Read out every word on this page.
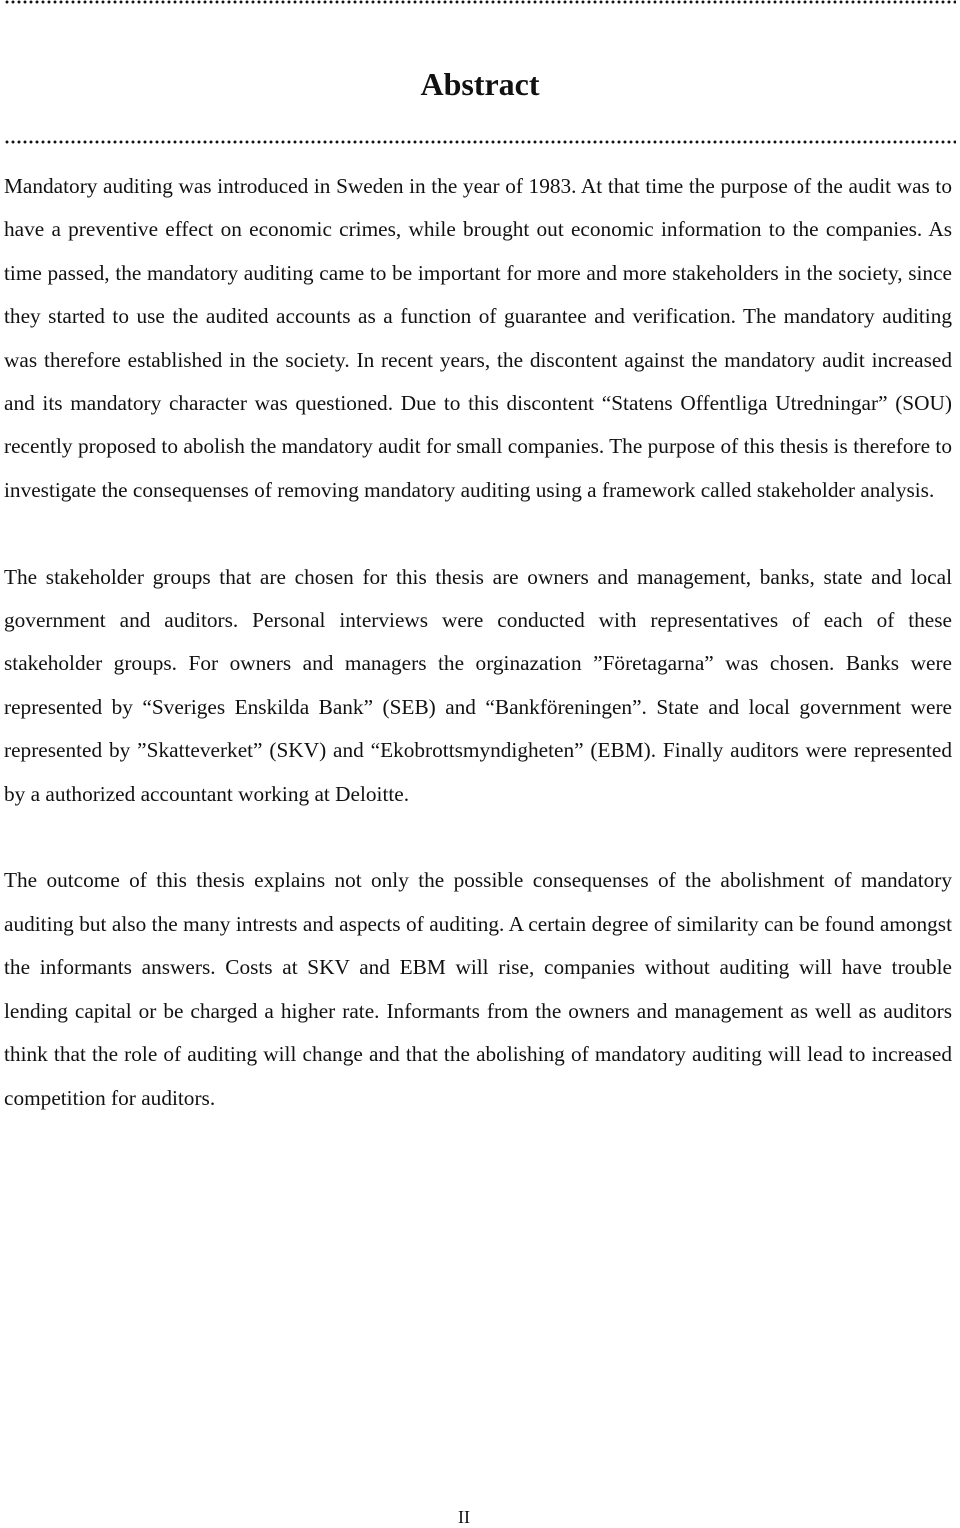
Abstract

Mandatory auditing was introduced in Sweden in the year of 1983. At that time the purpose of the audit was to have a preventive effect on economic crimes, while brought out economic information to the companies. As time passed, the mandatory auditing came to be important for more and more stakeholders in the society, since they started to use the audited accounts as a function of guarantee and verification. The mandatory auditing was therefore established in the society. In recent years, the discontent against the mandatory audit increased and its mandatory character was questioned. Due to this discontent “Statens Offentliga Utredningar” (SOU) recently proposed to abolish the mandatory audit for small companies. The purpose of this thesis is therefore to investigate the consequenses of removing mandatory auditing using a framework called stakeholder analysis.

The stakeholder groups that are chosen for this thesis are owners and management, banks, state and local government and auditors. Personal interviews were conducted with representatives of each of these stakeholder groups. For owners and managers the orginazation ”Företagarna” was chosen. Banks were represented by “Sveriges Enskilda Bank” (SEB) and “Bankföreningen”. State and local government were represented by ”Skatteverket” (SKV) and “Ekobrottsmyndigheten” (EBM). Finally auditors were represented by a authorized accountant working at Deloitte.

The outcome of this thesis explains not only the possible consequenses of the abolishment of mandatory auditing but also the many intrests and aspects of auditing. A certain degree of similarity can be found amongst the informants answers. Costs at SKV and EBM will rise, companies without auditing will have trouble lending capital or be charged a higher rate. Informants from the owners and management as well as auditors think that the role of auditing will change and that the abolishing of mandatory auditing will lead to increased competition for auditors.

II
